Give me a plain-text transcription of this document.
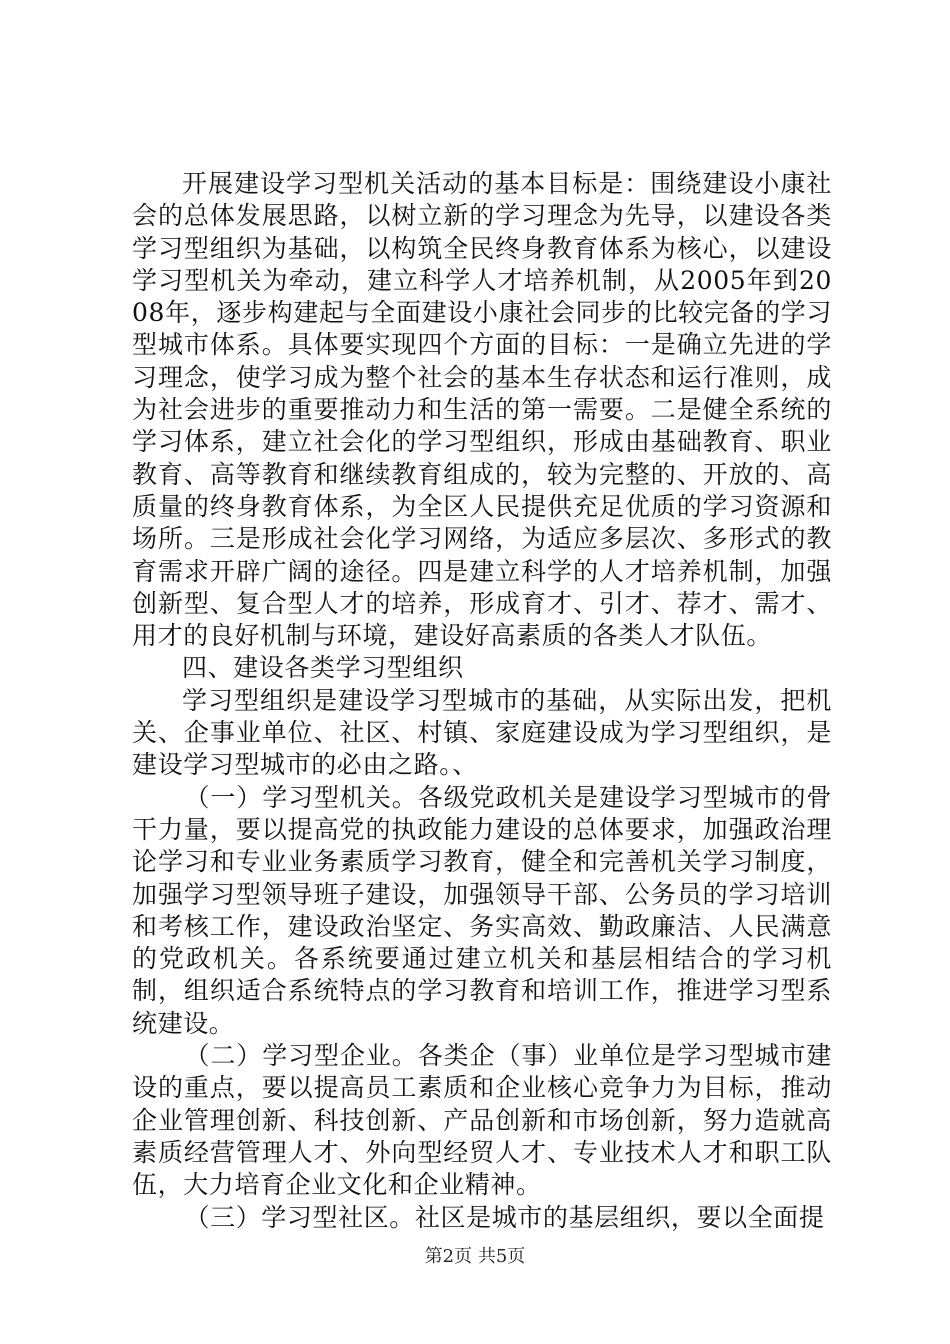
开展建设学习型机关活动的基本目标是：围绕建设小康社会的总体发展思路，以树立新的学习理念为先导，以建设各类学习型组织为基础，以构筑全民终身教育体系为核心，以建设学习型机关为牵动，建立科学人才培养机制，从2005年到2008年，逐步构建起与全面建设小康社会同步的比较完备的学习型城市体系。具体要实现四个方面的目标：一是确立先进的学习理念，使学习成为整个社会的基本生存状态和运行准则，成为社会进步的重要推动力和生活的第一需要。二是健全系统的学习体系，建立社会化的学习型组织，形成由基础教育、职业教育、高等教育和继续教育组成的，较为完整的、开放的、高质量的终身教育体系，为全区人民提供充足优质的学习资源和场所。三是形成社会化学习网络，为适应多层次、多形式的教育需求开辟广阔的途径。四是建立科学的人才培养机制，加强创新型、复合型人才的培养，形成育才、引才、荐才、需才、用才的良好机制与环境，建设好高素质的各类人才队伍。

四、建设各类学习型组织

学习型组织是建设学习型城市的基础，从实际出发，把机关、企事业单位、社区、村镇、家庭建设成为学习型组织，是建设学习型城市的必由之路。、

（一）学习型机关。各级党政机关是建设学习型城市的骨干力量，要以提高党的执政能力建设的总体要求，加强政治理论学习和专业业务素质学习教育，健全和完善机关学习制度，加强学习型领导班子建设，加强领导干部、公务员的学习培训和考核工作，建设政治坚定、务实高效、勤政廉洁、人民满意的党政机关。各系统要通过建立机关和基层相结合的学习机制，组织适合系统特点的学习教育和培训工作，推进学习型系统建设。

（二）学习型企业。各类企（事）业单位是学习型城市建设的重点，要以提高员工素质和企业核心竞争力为目标，推动企业管理创新、科技创新、产品创新和市场创新，努力造就高素质经营管理人才、外向型经贸人才、专业技术人才和职工队伍，大力培育企业文化和企业精神。

（三）学习型社区。社区是城市的基层组织，要以全面提

第2页 共5页
